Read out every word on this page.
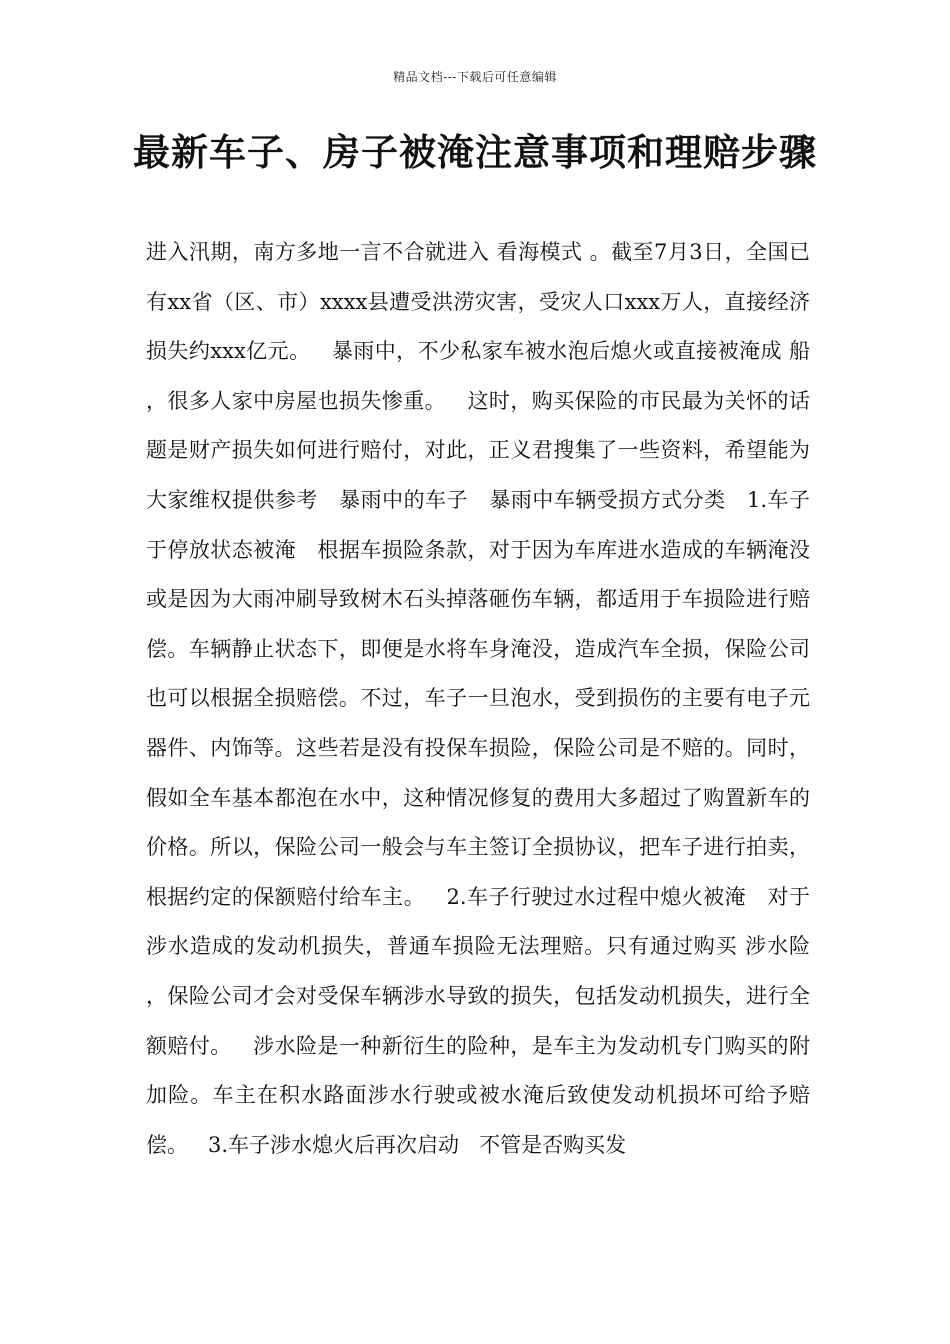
精品文档---下载后可任意编辑
最新车子、房子被淹注意事项和理赔步骤

进入汛期，南方多地一言不合就进入 看海模式 。截至7月3日，全国已有xx省（区、市）xxxx县遭受洪涝灾害，受灾人口xxx万人，直接经济损失约xxx亿元。   暴雨中，不少私家车被水泡后熄火或直接被淹成 船 ，很多人家中房屋也损失惨重。   这时，购买保险的市民最为关怀的话题是财产损失如何进行赔付，对此，正义君搜集了一些资料，希望能为大家维权提供参考   暴雨中的车子   暴雨中车辆受损方式分类   1.车子于停放状态被淹   根据车损险条款，对于因为车库进水造成的车辆淹没或是因为大雨冲刷导致树木石头掉落砸伤车辆，都适用于车损险进行赔偿。车辆静止状态下，即便是水将车身淹没，造成汽车全损，保险公司也可以根据全损赔偿。不过，车子一旦泡水，受到损伤的主要有电子元器件、内饰等。这些若是没有投保车损险，保险公司是不赔的。同时，假如全车基本都泡在水中，这种情况修复的费用大多超过了购置新车的价格。所以，保险公司一般会与车主签订全损协议，把车子进行拍卖，根据约定的保额赔付给车主。   2.车子行驶过水过程中熄火被淹   对于涉水造成的发动机损失，普通车损险无法理赔。只有通过购买 涉水险 ，保险公司才会对受保车辆涉水导致的损失，包括发动机损失，进行全额赔付。   涉水险是一种新衍生的险种，是车主为发动机专门购买的附加险。车主在积水路面涉水行驶或被水淹后致使发动机损坏可给予赔偿。   3.车子涉水熄火后再次启动   不管是否购买发
